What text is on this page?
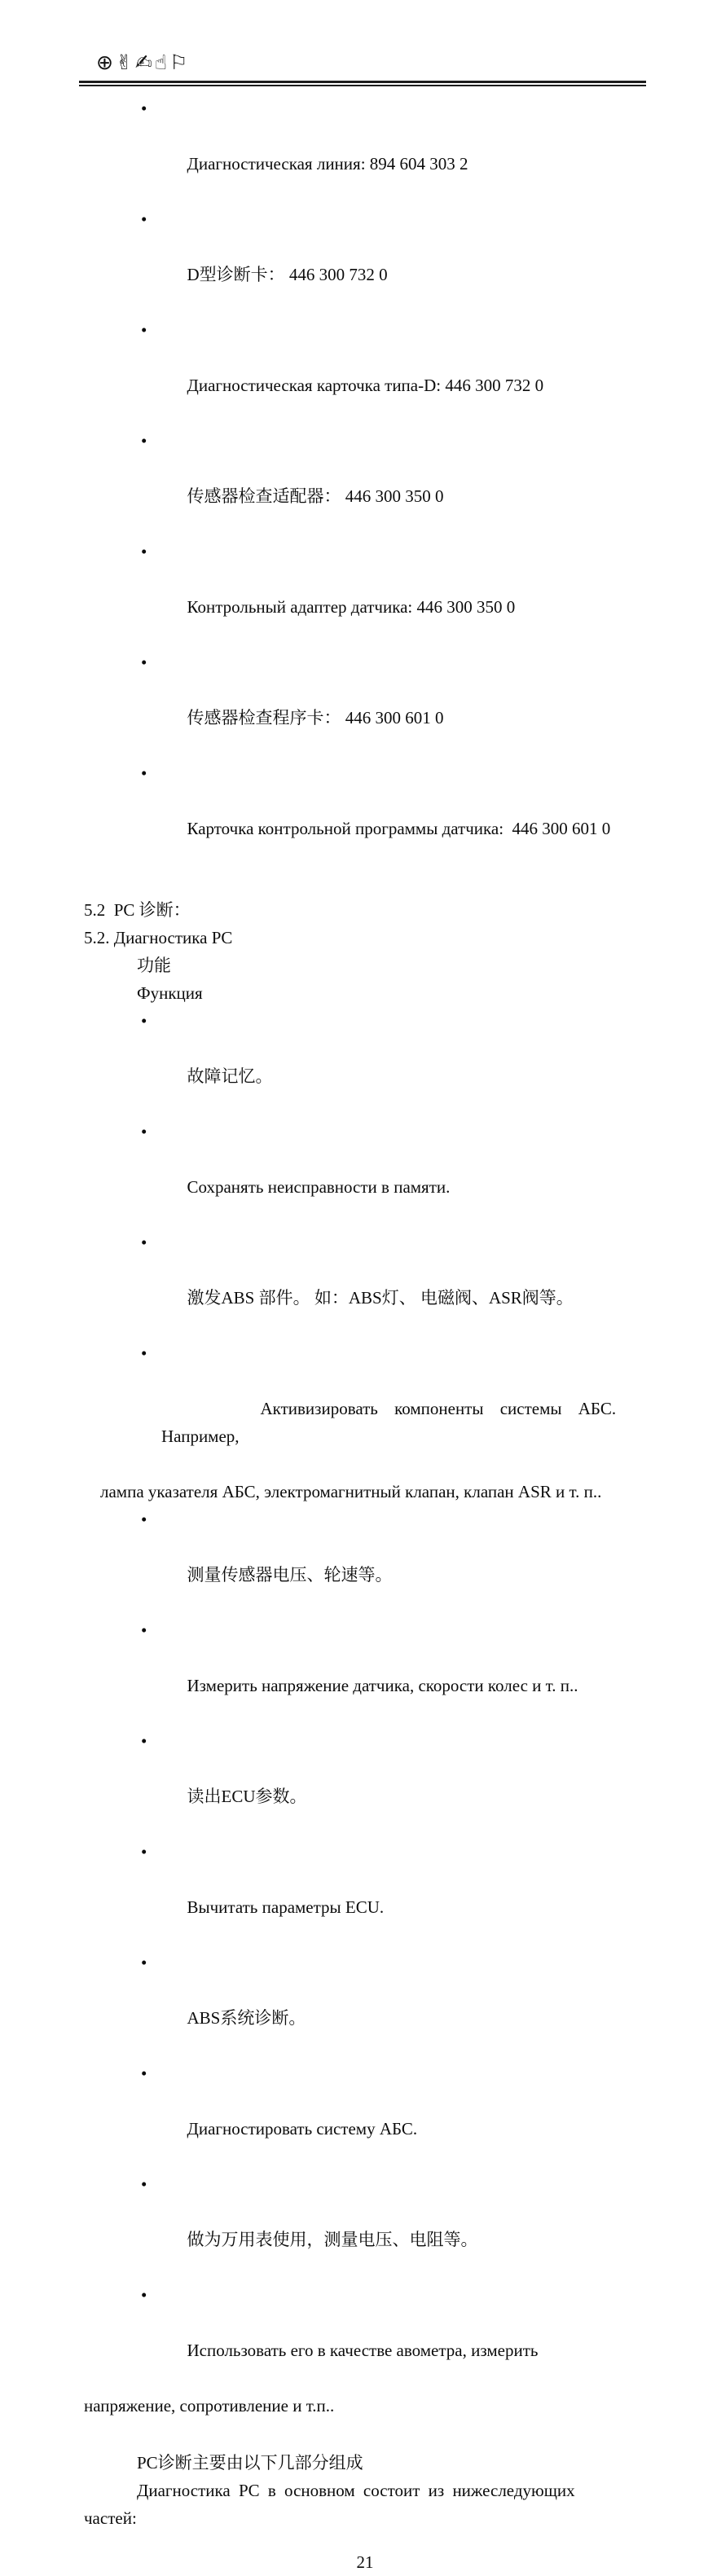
⊕✌✍☝⚐

•

Диагностическая линия: 894 604 303 2

•

D型诊断卡： 446 300 732 0

•

Диагностическая карточка типа-D: 446 300 732 0

•

传感器检查适配器： 446 300 350 0

•

Контрольный адаптер датчика: 446 300 350 0

•

传感器检查程序卡： 446 300 601 0

•

Карточка контрольной программы датчика:  446 300 601 0

5.2  PC 诊断：
5.2. Диагностика PC
功能
Функция

•

故障记忆。

•

Сохранять неисправности в памяти.

•

激发ABS 部件。 如：ABS灯、 电磁阀、ASR阀等。

•

Активизировать компоненты системы АБС. Например,

лампа указателя АБС, электромагнитный клапан, клапан ASR и т. п..

•

测量传感器电压、轮速等。

•

Измерить напряжение датчика, скорости колес и т. п..

•

读出ECU参数。

•

Вычитать параметры ECU.

•

ABS系统诊断。

•

Диагностировать систему АБС.

•

做为万用表使用，测量电压、电阻等。

•

Использовать его в качестве авометра, измерить

напряжение, сопротивление и т.п..
PC诊断主要由以下几部分组成
Диагностика PC в основном состоит из нижеследующих
частей:
21
